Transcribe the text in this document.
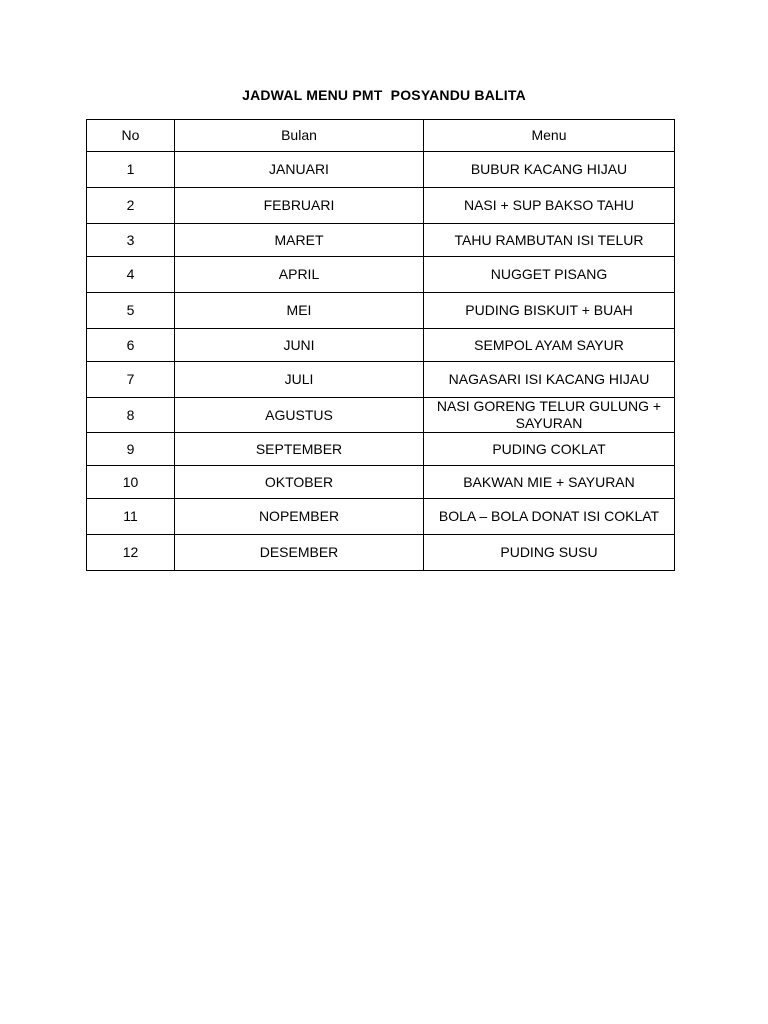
JADWAL MENU PMT  POSYANDU BALITA
No	Bulan	Menu
1	JANUARI	BUBUR KACANG HIJAU
2	FEBRUARI	NASI + SUP BAKSO TAHU
3	MARET	TAHU RAMBUTAN ISI TELUR
4	APRIL	NUGGET PISANG
5	MEI	PUDING BISKUIT + BUAH
6	JUNI	SEMPOL AYAM SAYUR
7	JULI	NAGASARI ISI KACANG HIJAU
8	AGUSTUS	NASI GORENG TELUR GULUNG + SAYURAN
9	SEPTEMBER	PUDING COKLAT
10	OKTOBER	BAKWAN MIE + SAYURAN
11	NOPEMBER	BOLA – BOLA DONAT ISI COKLAT
12	DESEMBER	PUDING SUSU
